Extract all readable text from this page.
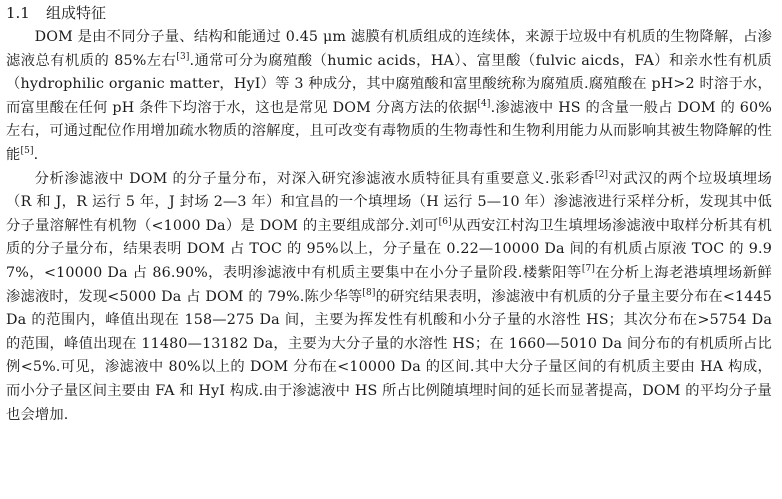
1.1 组成特征

DOM 是由不同分子量、结构和能通过 0.45 μm 滤膜有机质组成的连续体，来源于垃圾中有机质的生物降解，占渗滤液总有机质的 85%左右[3].通常可分为腐殖酸（humic acids，HA）、富里酸（fulvic aicds，FA）和亲水性有机质（hydrophilic organic matter，HyI）等 3 种成分，其中腐殖酸和富里酸统称为腐殖质.腐殖酸在 pH>2 时溶于水，而富里酸在任何 pH 条件下均溶于水，这也是常见 DOM 分离方法的依据[4].渗滤液中 HS 的含量一般占 DOM 的 60%左右，可通过配位作用增加疏水物质的溶解度，且可改变有毒物质的生物毒性和生物利用能力从而影响其被生物降解的性能[5].

分析渗滤液中 DOM 的分子量分布，对深入研究渗滤液水质特征具有重要意义.张彩香[2]对武汉的两个垃圾填埋场（R 和 J，R 运行 5 年，J 封场 2—3 年）和宜昌的一个填埋场（H 运行 5—10 年）渗滤液进行采样分析，发现其中低分子量溶解性有机物（<1000 Da）是 DOM 的主要组成部分.刘可[6]从西安江村沟卫生填埋场渗滤液中取样分析其有机质的分子量分布，结果表明 DOM 占 TOC 的 95%以上，分子量在 0.22—10000 Da 间的有机质占原液 TOC 的 9.97%，<10000 Da 占 86.90%，表明渗滤液中有机质主要集中在小分子量阶段.楼紫阳等[7]在分析上海老港填埋场新鲜渗滤液时，发现<5000 Da 占 DOM 的 79%.陈少华等[8]的研究结果表明，渗滤液中有机质的分子量主要分布在<1445 Da 的范围内，峰值出现在 158—275 Da 间，主要为挥发性有机酸和小分子量的水溶性 HS；其次分布在>5754 Da 的范围，峰值出现在 11480—13182 Da，主要为大分子量的水溶性 HS；在 1660—5010 Da 间分布的有机质所占比例<5%.可见，渗滤液中 80%以上的 DOM 分布在<10000 Da 的区间.其中大分子量区间的有机质主要由 HA 构成，而小分子量区间主要由 FA 和 HyI 构成.由于渗滤液中 HS 所占比例随填埋时间的延长而显著提高，DOM 的平均分子量也会增加.
